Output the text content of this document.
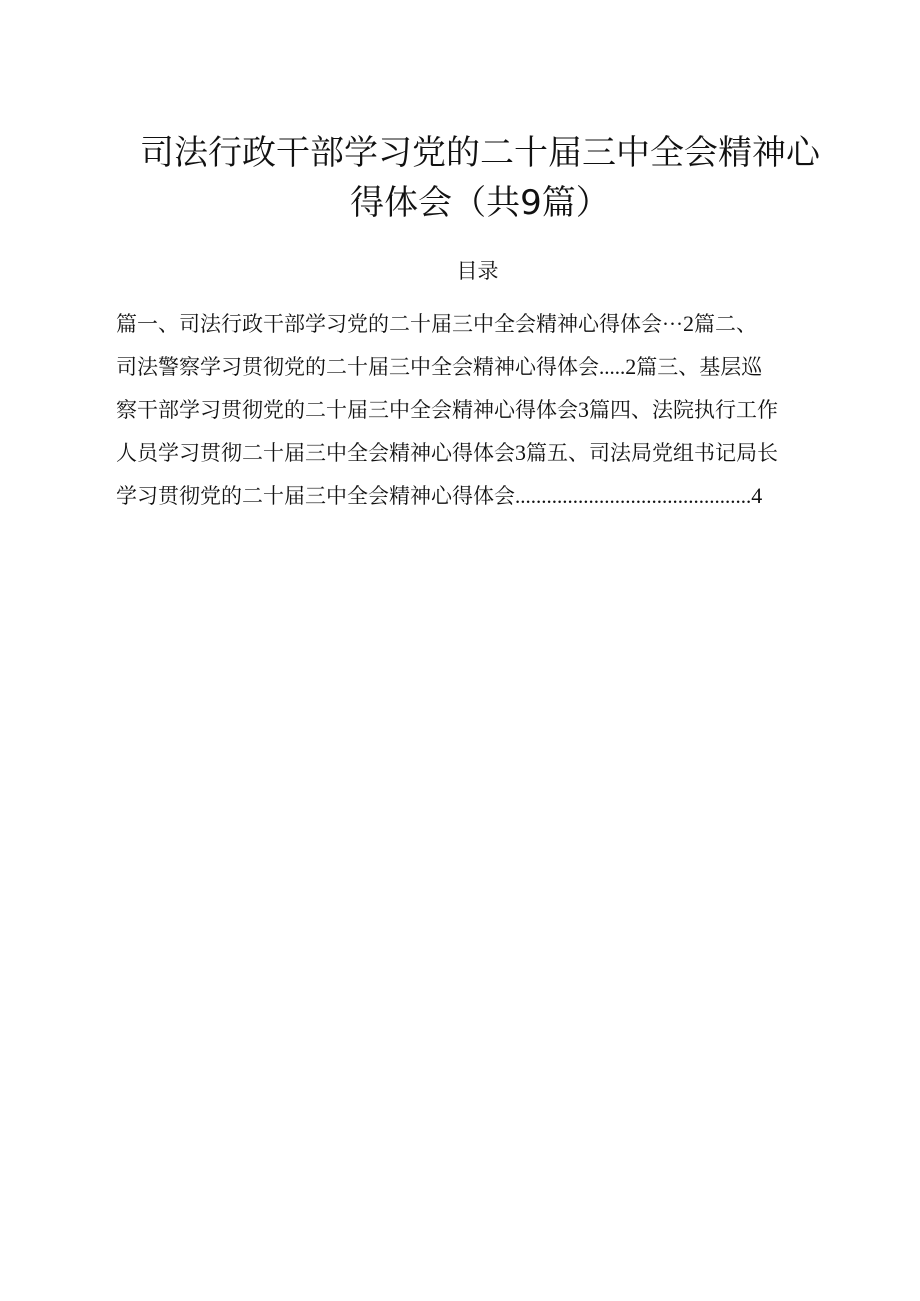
司法行政干部学习党的二十届三中全会精神心
得体会（共9篇）
目录
篇一、司法行政干部学习党的二十届三中全会精神心得体会···2篇二、
司法警察学习贯彻党的二十届三中全会精神心得体会.....2篇三、基层巡
察干部学习贯彻党的二十届三中全会精神心得体会3篇四、法院执行工作
人员学习贯彻二十届三中全会精神心得体会3篇五、司法局党组书记局长
学习贯彻党的二十届三中全会精神心得体会.............................................4
